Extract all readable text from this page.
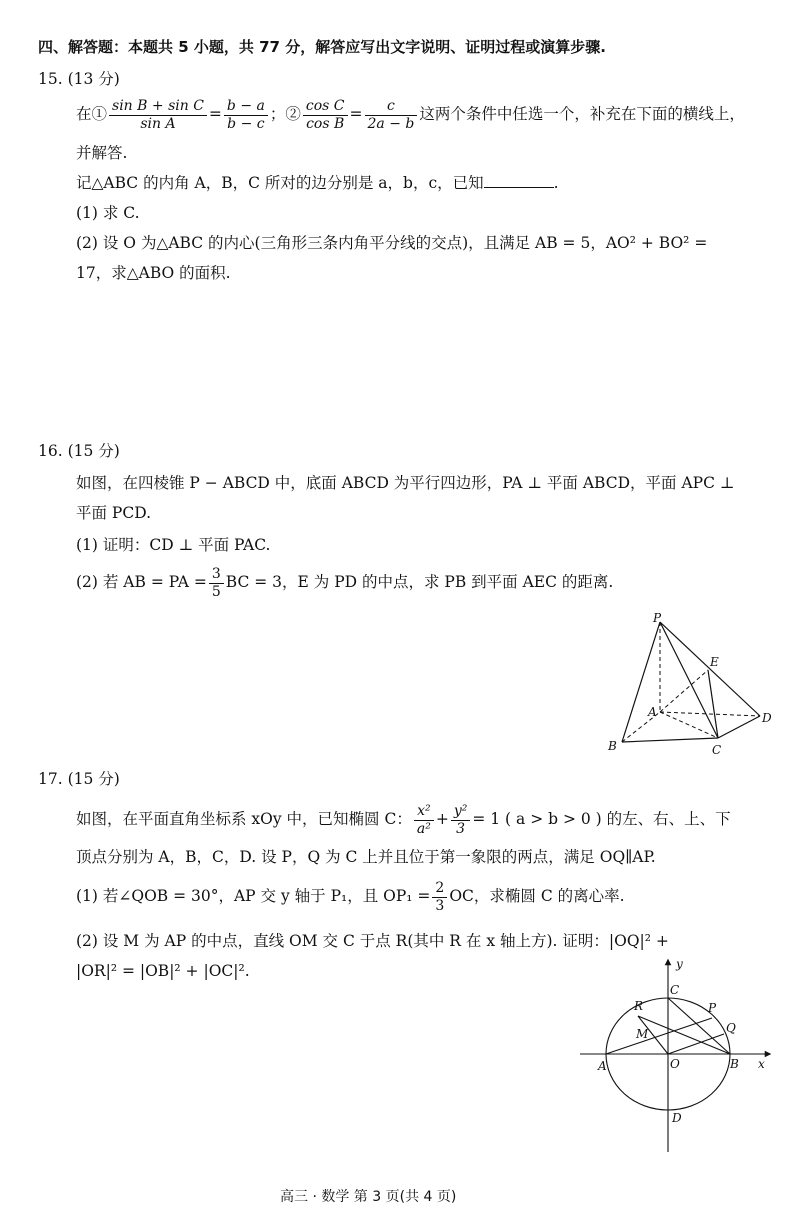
四、解答题：本题共 5 小题，共 77 分，解答应写出文字说明、证明过程或演算步骤.
15. (13 分)
在① $\frac{\text{sin B + sin C}}{\text{sin A}} = \frac{b - a}{b - c}$ ；② $\frac{\text{cos C}}{\text{cos B}} = \frac{c}{2a - b}$ 这两个条件中任选一个，补充在下面的横线上，
并解答.
记△ABC 的内角 A，B，C 所对的边分别是 a，b，c，已知	.
(1) 求 C.
(2) 设 O 为△ABC 的内心(三角形三条内角平分线的交点)，且满足 AB = 5，AO² + BO² =
17，求△ABO 的面积.
16. (15 分)
如图，在四棱锥 P − ABCD 中，底面 ABCD 为平行四边形，PA ⊥ 平面 ABCD，平面 APC ⊥
平面 PCD.
(1) 证明：CD ⊥ 平面 PAC.
(2) 若 AB = PA = $\frac{3}{5}$ BC = 3，E 为 PD 的中点，求 PB 到平面 AEC 的距离.
P
E
A	D
B	C
17. (15 分)
如图，在平面直角坐标系 xOy 中，已知椭圆 C： $\frac{\text{x²}}{\text{a²}} + \frac{\text{y²}}{3} = 1$ ( a > b > 0 ) 的左、右、上、下
顶点分别为 A，B，C，D. 设 P，Q 为 C 上并且位于第一象限的两点，满足 OQ∥AP.
(1) 若∠QOB = 30°，AP 交 y 轴于 P₁，且 $OP_1 = \frac{2}{3}$ OC，求椭圆 C 的离心率.
(2) 设 M 为 AP 的中点，直线 OM 交 C 于点 R(其中 R 在 x 轴上方). 证明：|OQ|² +
|OR|² = |OB|² + |OC|².	y
x
R
C
P
Q
M
A	O	B
D
高三 · 数学 第 3 页(共 4 页)
